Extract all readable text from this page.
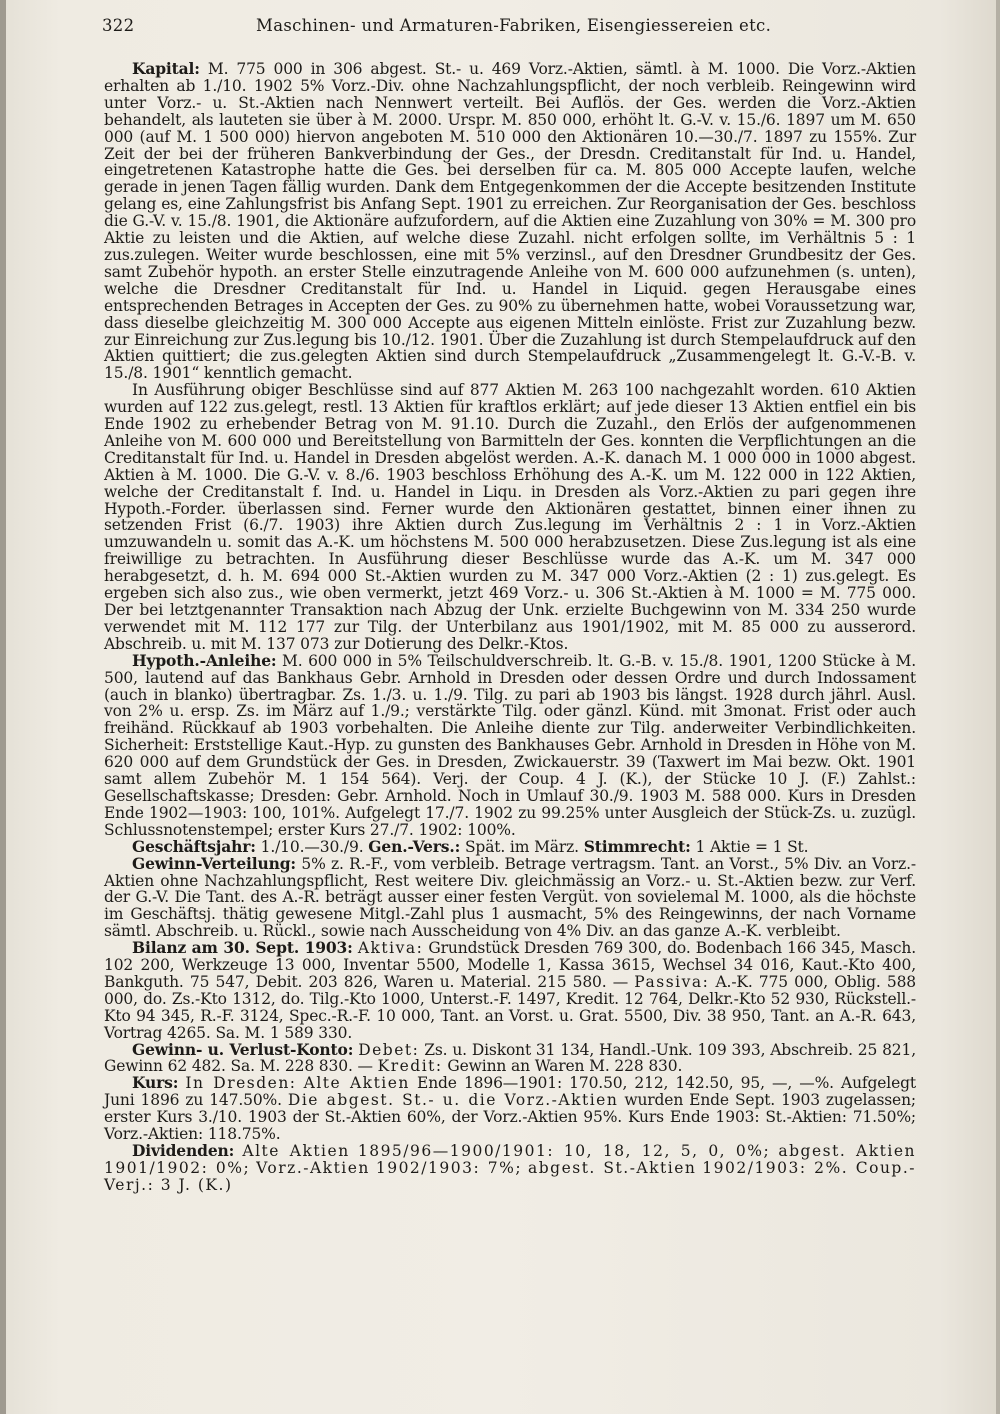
322	Maschinen- und Armaturen-Fabriken, Eisengiessereien etc.

Kapital: M. 775 000 in 306 abgest. St.- u. 469 Vorz.-Aktien, sämtl. à M. 1000. Die Vorz.-Aktien erhalten ab 1./10. 1902 5% Vorz.-Div. ohne Nachzahlungspflicht, der noch verbleib. Reingewinn wird unter Vorz.- u. St.-Aktien nach Nennwert verteilt. Bei Auflös. der Ges. werden die Vorz.-Aktien behandelt, als lauteten sie über à M. 2000. Urspr. M. 850 000, erhöht lt. G.-V. v. 15./6. 1897 um M. 650 000 (auf M. 1 500 000) hiervon angeboten M. 510 000 den Aktionären 10.—30./7. 1897 zu 155%. Zur Zeit der bei der früheren Bankverbindung der Ges., der Dresdn. Creditanstalt für Ind. u. Handel, eingetretenen Katastrophe hatte die Ges. bei derselben für ca. M. 805 000 Accepte laufen, welche gerade in jenen Tagen fällig wurden. Dank dem Entgegenkommen der die Accepte besitzenden Institute gelang es, eine Zahlungsfrist bis Anfang Sept. 1901 zu erreichen. Zur Reorganisation der Ges. beschloss die G.-V. v. 15./8. 1901, die Aktionäre aufzufordern, auf die Aktien eine Zuzahlung von 30% = M. 300 pro Aktie zu leisten und die Aktien, auf welche diese Zuzahl. nicht erfolgen sollte, im Verhältnis 5 : 1 zus.zulegen. Weiter wurde beschlossen, eine mit 5% verzinsl., auf den Dresdner Grundbesitz der Ges. samt Zubehör hypoth. an erster Stelle einzutragende Anleihe von M. 600 000 aufzunehmen (s. unten), welche die Dresdner Creditanstalt für Ind. u. Handel in Liquid. gegen Herausgabe eines entsprechenden Betrages in Accepten der Ges. zu 90% zu übernehmen hatte, wobei Voraussetzung war, dass dieselbe gleichzeitig M. 300 000 Accepte aus eigenen Mitteln einlöste. Frist zur Zuzahlung bezw. zur Einreichung zur Zus.legung bis 10./12. 1901. Über die Zuzahlung ist durch Stempelaufdruck auf den Aktien quittiert; die zus.gelegten Aktien sind durch Stempelaufdruck „Zusammengelegt lt. G.-V.-B. v. 15./8. 1901“ kenntlich gemacht.

In Ausführung obiger Beschlüsse sind auf 877 Aktien M. 263 100 nachgezahlt worden. 610 Aktien wurden auf 122 zus.gelegt, restl. 13 Aktien für kraftlos erklärt; auf jede dieser 13 Aktien entfiel ein bis Ende 1902 zu erhebender Betrag von M. 91.10. Durch die Zuzahl., den Erlös der aufgenommenen Anleihe von M. 600 000 und Bereitstellung von Barmitteln der Ges. konnten die Verpflichtungen an die Creditanstalt für Ind. u. Handel in Dresden abgelöst werden. A.-K. danach M. 1 000 000 in 1000 abgest. Aktien à M. 1000. Die G.-V. v. 8./6. 1903 beschloss Erhöhung des A.-K. um M. 122 000 in 122 Aktien, welche der Creditanstalt f. Ind. u. Handel in Liqu. in Dresden als Vorz.-Aktien zu pari gegen ihre Hypoth.-Forder. überlassen sind. Ferner wurde den Aktionären gestattet, binnen einer ihnen zu setzenden Frist (6./7. 1903) ihre Aktien durch Zus.legung im Verhältnis 2 : 1 in Vorz.-Aktien umzuwandeln u. somit das A.-K. um höchstens M. 500 000 herabzusetzen. Diese Zus.legung ist als eine freiwillige zu betrachten. In Ausführung dieser Beschlüsse wurde das A.-K. um M. 347 000 herabgesetzt, d. h. M. 694 000 St.-Aktien wurden zu M. 347 000 Vorz.-Aktien (2 : 1) zus.gelegt. Es ergeben sich also zus., wie oben vermerkt, jetzt 469 Vorz.- u. 306 St.-Aktien à M. 1000 = M. 775 000. Der bei letztgenannter Transaktion nach Abzug der Unk. erzielte Buchgewinn von M. 334 250 wurde verwendet mit M. 112 177 zur Tilg. der Unterbilanz aus 1901/1902, mit M. 85 000 zu ausserord. Abschreib. u. mit M. 137 073 zur Dotierung des Delkr.-Ktos.

Hypoth.-Anleihe: M. 600 000 in 5% Teilschuldverschreib. lt. G.-B. v. 15./8. 1901, 1200 Stücke à M. 500, lautend auf das Bankhaus Gebr. Arnhold in Dresden oder dessen Ordre und durch Indossament (auch in blanko) übertragbar. Zs. 1./3. u. 1./9. Tilg. zu pari ab 1903 bis längst. 1928 durch jährl. Ausl. von 2% u. ersp. Zs. im März auf 1./9.; verstärkte Tilg. oder gänzl. Künd. mit 3monat. Frist oder auch freihänd. Rückkauf ab 1903 vorbehalten. Die Anleihe diente zur Tilg. anderweiter Verbindlichkeiten. Sicherheit: Erststellige Kaut.-Hyp. zu gunsten des Bankhauses Gebr. Arnhold in Dresden in Höhe von M. 620 000 auf dem Grundstück der Ges. in Dresden, Zwickauerstr. 39 (Taxwert im Mai bezw. Okt. 1901 samt allem Zubehör M. 1 154 564). Verj. der Coup. 4 J. (K.), der Stücke 10 J. (F.) Zahlst.: Gesellschaftskasse; Dresden: Gebr. Arnhold. Noch in Umlauf 30./9. 1903 M. 588 000. Kurs in Dresden Ende 1902—1903: 100, 101%. Aufgelegt 17./7. 1902 zu 99.25% unter Ausgleich der Stück-Zs. u. zuzügl. Schlussnotenstempel; erster Kurs 27./7. 1902: 100%.

Geschäftsjahr: 1./10.—30./9. Gen.-Vers.: Spät. im März. Stimmrecht: 1 Aktie = 1 St.

Gewinn-Verteilung: 5% z. R.-F., vom verbleib. Betrage vertragsm. Tant. an Vorst., 5% Div. an Vorz.-Aktien ohne Nachzahlungspflicht, Rest weitere Div. gleichmässig an Vorz.- u. St.-Aktien bezw. zur Verf. der G.-V. Die Tant. des A.-R. beträgt ausser einer festen Vergüt. von sovielemal M. 1000, als die höchste im Geschäftsj. thätig gewesene Mitgl.-Zahl plus 1 ausmacht, 5% des Reingewinns, der nach Vorname sämtl. Abschreib. u. Rückl., sowie nach Ausscheidung von 4% Div. an das ganze A.-K. verbleibt.

Bilanz am 30. Sept. 1903: Aktiva: Grundstück Dresden 769 300, do. Bodenbach 166 345, Masch. 102 200, Werkzeuge 13 000, Inventar 5500, Modelle 1, Kassa 3615, Wechsel 34 016, Kaut.-Kto 400, Bankguth. 75 547, Debit. 203 826, Waren u. Material. 215 580. — Passiva: A.-K. 775 000, Oblig. 588 000, do. Zs.-Kto 1312, do. Tilg.-Kto 1000, Unterst.-F. 1497, Kredit. 12 764, Delkr.-Kto 52 930, Rückstell.-Kto 94 345, R.-F. 3124, Spec.-R.-F. 10 000, Tant. an Vorst. u. Grat. 5500, Div. 38 950, Tant. an A.-R. 643, Vortrag 4265. Sa. M. 1 589 330.

Gewinn- u. Verlust-Konto: Debet: Zs. u. Diskont 31 134, Handl.-Unk. 109 393, Abschreib. 25 821, Gewinn 62 482. Sa. M. 228 830. — Kredit: Gewinn an Waren M. 228 830.

Kurs: In Dresden: Alte Aktien Ende 1896—1901: 170.50, 212, 142.50, 95, —, —%. Aufgelegt Juni 1896 zu 147.50%. Die abgest. St.- u. die Vorz.-Aktien wurden Ende Sept. 1903 zugelassen; erster Kurs 3./10. 1903 der St.-Aktien 60%, der Vorz.-Aktien 95%. Kurs Ende 1903: St.-Aktien: 71.50%; Vorz.-Aktien: 118.75%.

Dividenden: Alte Aktien 1895/96—1900/1901: 10, 18, 12, 5, 0, 0%; abgest. Aktien 1901/1902: 0%; Vorz.-Aktien 1902/1903: 7%; abgest. St.-Aktien 1902/1903: 2%. Coup.-Verj.: 3 J. (K.)
